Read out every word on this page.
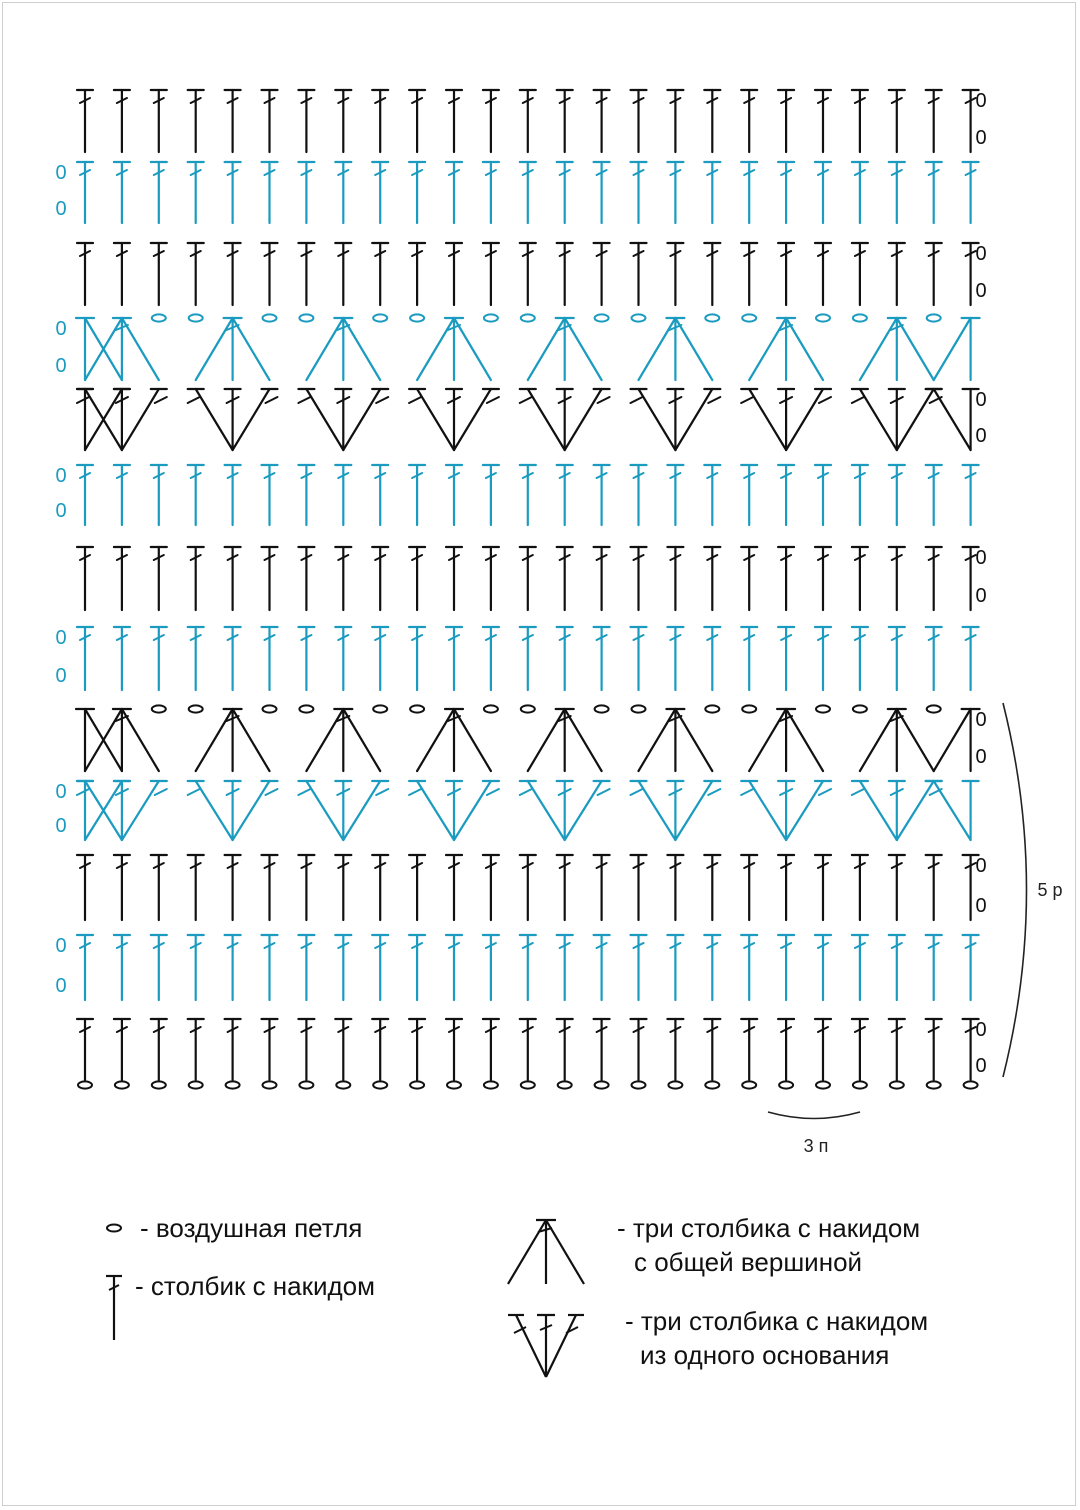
0
0
0
0
0
0
0
0
0
0
0
0
0
0
0
0
0
0
0
0
0
0
0
0
0
0
5 р
3 п
- воздушная петля
- столбик с накидом
- три столбика с накидом
с общей вершиной
- три столбика с накидом
из одного основания
